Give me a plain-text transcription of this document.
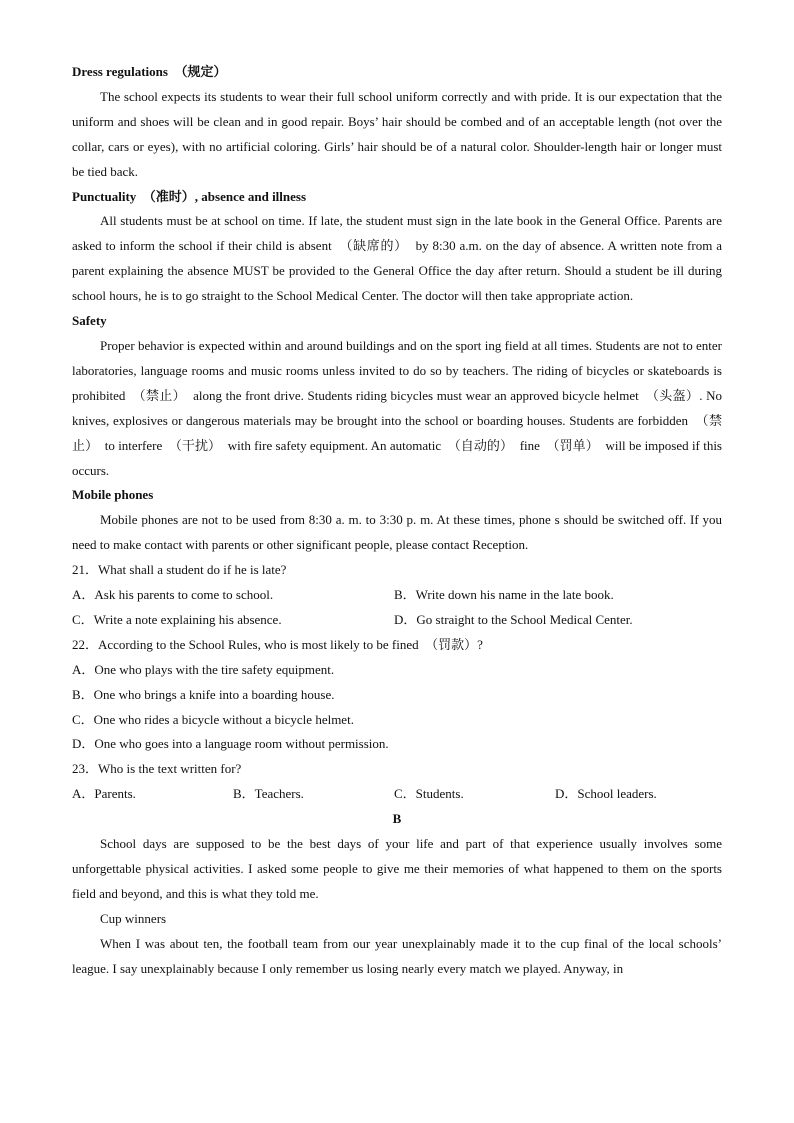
Dress regulations  （规定）

The school expects its students to wear their full school uniform correctly and with pride. It is our expectation that the uniform and shoes will be clean and in good repair. Boys’ hair should be combed and of an acceptable length (not over the collar, cars or eyes), with no artificial coloring. Girls’ hair should be of a natural color. Shoulder-length hair or longer must be tied back.

Punctuality  （准时）, absence and illness

All students must be at school on time. If late, the student must sign in the late book in the General Office. Parents are asked to inform the school if their child is absent  （缺席的）  by 8:30 a.m. on the day of absence. A written note from a parent explaining the absence MUST be provided to the General Office the day after return. Should a student be ill during school hours, he is to go straight to the School Medical Center. The doctor will then take appropriate action.

Safety

Proper behavior is expected within and around buildings and on the sport ing field at all times. Students are not to enter laboratories, language rooms and music rooms unless invited to do so by teachers. The riding of bicycles or skateboards is prohibited  （禁止）  along the front drive. Students riding bicycles must wear an approved bicycle helmet  （头盔）. No knives, explosives or dangerous materials may be brought into the school or boarding houses. Students are forbidden  （禁止）  to interfere  （干扰）  with fire safety equipment. An automatic  （自动的）  fine  （罚单）  will be imposed if this occurs.

Mobile phones

Mobile phones are not to be used from 8:30 a. m. to 3:30 p. m. At these times, phone s should be switched off. If you need to make contact with parents or other significant people, please contact Reception.

21．What shall a student do if he is late?

A．Ask his parents to come to school.	B．Write down his name in the late book.
C．Write a note explaining his absence.	D．Go straight to the School Medical Center.

22．According to the School Rules, who is most likely to be fined  （罚款）?

A．One who plays with the tire safety equipment.

B．One who brings a knife into a boarding house.

C．One who rides a bicycle without a bicycle helmet.

D．One who goes into a language room without permission.

23．Who is the text written for?

A．Parents.	B．Teachers.	C．Students.	D．School leaders.

B

School days are supposed to be the best days of your life and part of that experience usually involves some unforgettable physical activities. I asked some people to give me their memories of what happened to them on the sports field and beyond, and this is what they told me.

Cup winners

When I was about ten, the football team from our year unexplainably made it to the cup final of the local schools’ league. I say unexplainably because I only remember us losing nearly every match we played. Anyway, in
